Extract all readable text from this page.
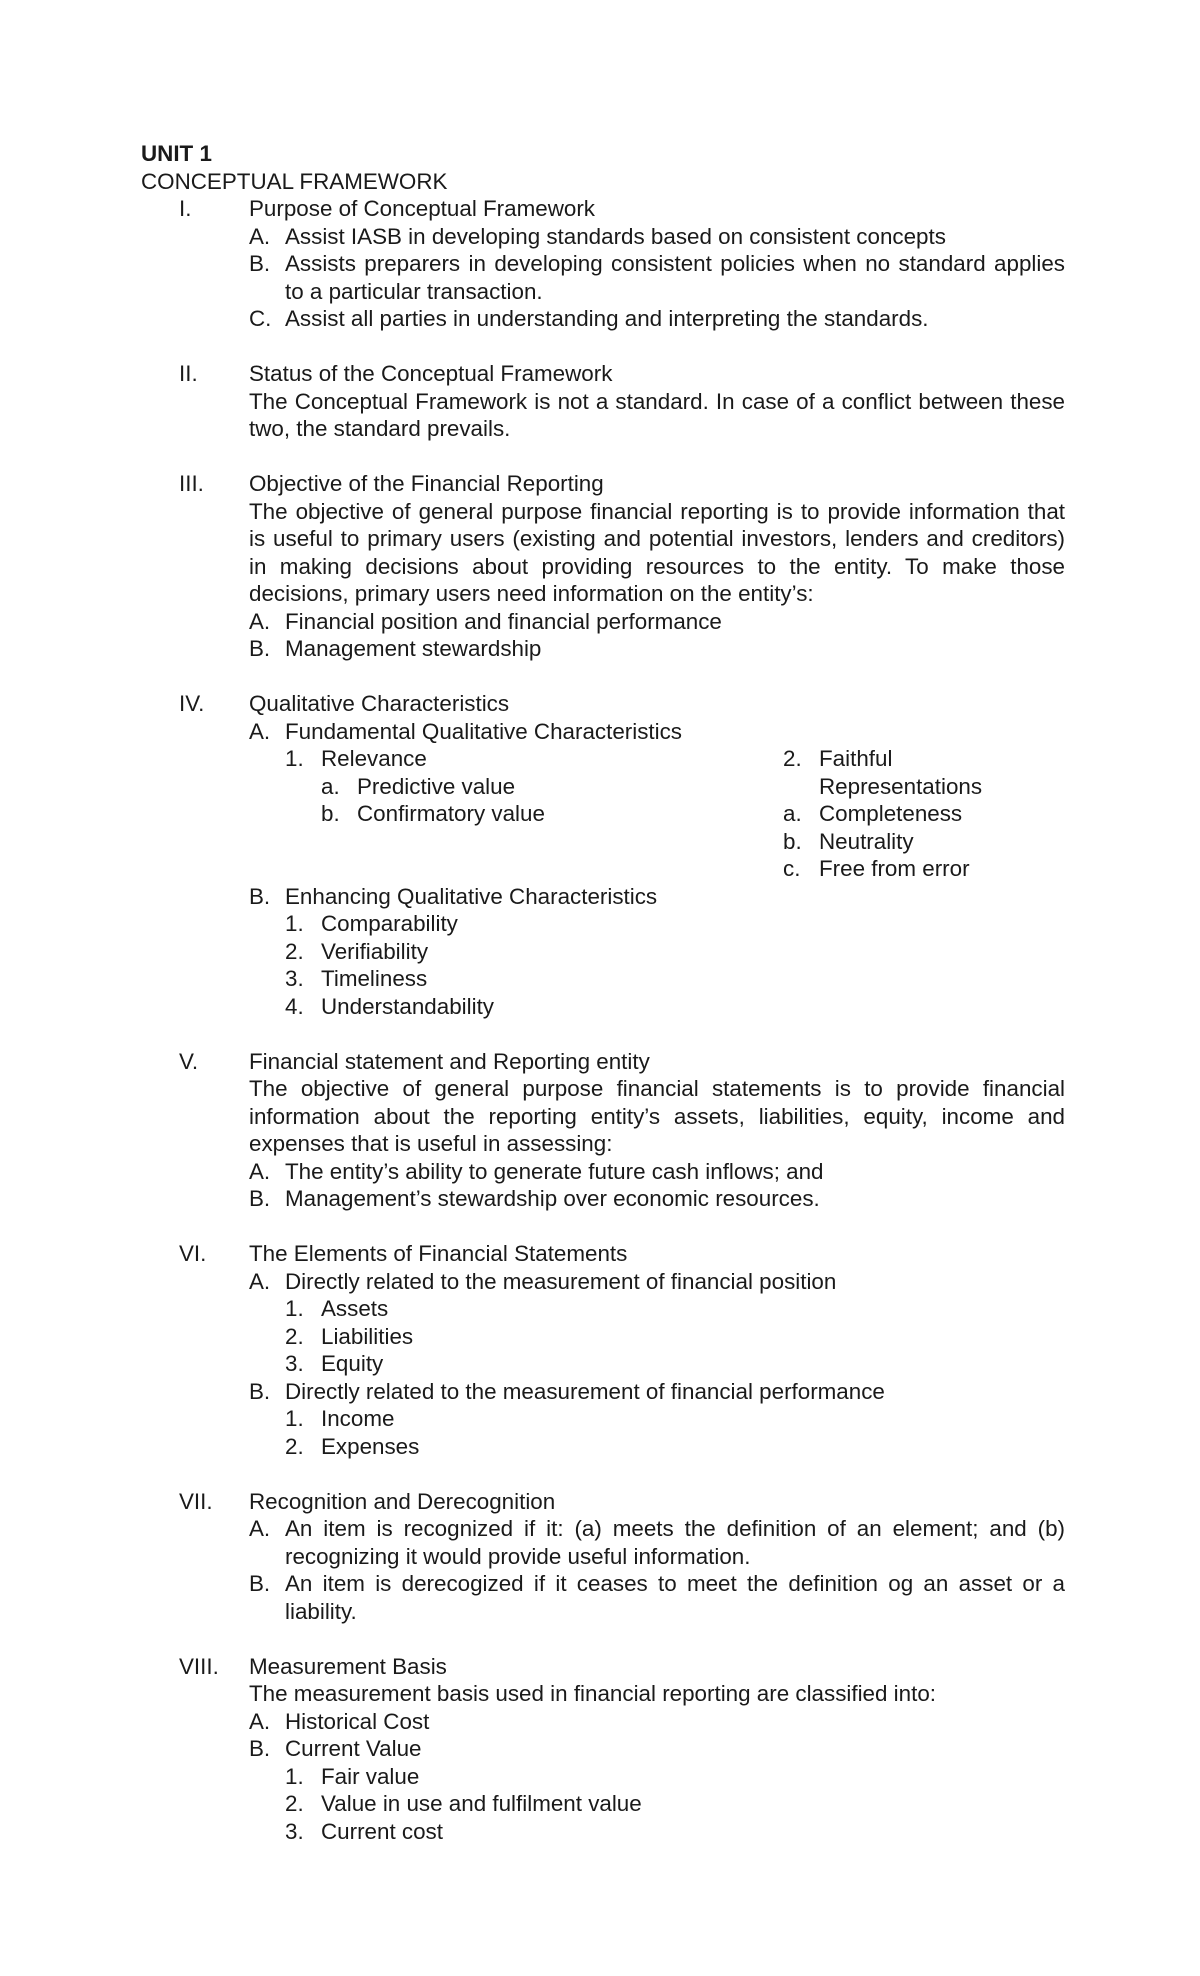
UNIT 1
CONCEPTUAL FRAMEWORK
I.	Purpose of Conceptual Framework
A. Assist IASB in developing standards based on consistent concepts
B. Assists preparers in developing consistent policies when no standard applies to a particular transaction.
C. Assist all parties in understanding and interpreting the standards.
II.	Status of the Conceptual Framework
The Conceptual Framework is not a standard. In case of a conflict between these two, the standard prevails.
III.	Objective of the Financial Reporting
The objective of general purpose financial reporting is to provide information that is useful to primary users (existing and potential investors, lenders and creditors) in making decisions about providing resources to the entity. To make those decisions, primary users need information on the entity’s:
A. Financial position and financial performance
B. Management stewardship
IV.	Qualitative Characteristics
A. Fundamental Qualitative Characteristics
1. Relevance
a. Predictive value
b. Confirmatory value
2. Faithful
Representations
a. Completeness
b. Neutrality
c. Free from error
B. Enhancing Qualitative Characteristics
1. Comparability
2. Verifiability
3. Timeliness
4. Understandability
V.	Financial statement and Reporting entity
The objective of general purpose financial statements is to provide financial information about the reporting entity’s assets, liabilities, equity, income and expenses that is useful in assessing:
A. The entity’s ability to generate future cash inflows; and
B. Management’s stewardship over economic resources.
VI.	The Elements of Financial Statements
A. Directly related to the measurement of financial position
1. Assets
2. Liabilities
3. Equity
B. Directly related to the measurement of financial performance
1. Income
2. Expenses
VII.	Recognition and Derecognition
A. An item is recognized if it: (a) meets the definition of an element; and (b) recognizing it would provide useful information.
B. An item is derecogized if it ceases to meet the definition og an asset or a liability.
VIII.	Measurement Basis
The measurement basis used in financial reporting are classified into:
A. Historical Cost
B. Current Value
1. Fair value
2. Value in use and fulfilment value
3. Current cost
